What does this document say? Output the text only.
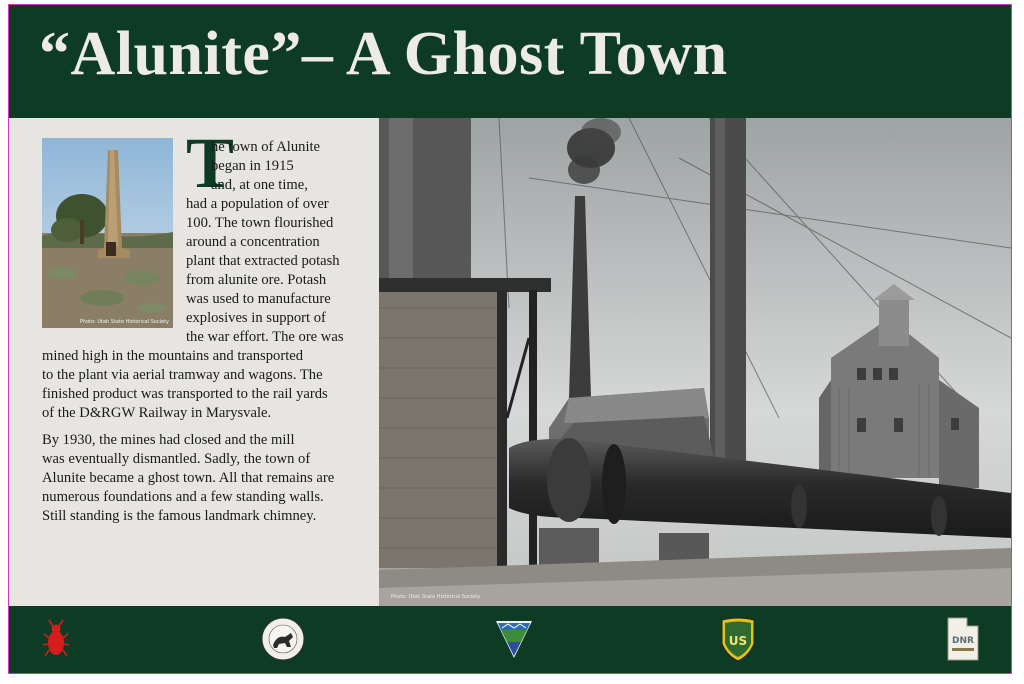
“Alunite”– A Ghost Town
Photo: Utah State Historical Society
T

he town of Alunite
began in 1915
and, at one time,

had a population of over
100. The town flourished
around a concentration
plant that extracted potash
from alunite ore. Potash
was used to manufacture
explosives in support of
the war effort. The ore was

mined high in the mountains and transported
to the plant via aerial tramway and wagons. The
finished product was transported to the rail yards
of the D&RGW Railway in Marysvale.

By 1930, the mines had closed and the mill
was eventually dismantled. Sadly, the town of
Alunite became a ghost town. All that remains are
numerous foundations and a few standing walls.
Still standing is the famous landmark chimney.

Photo: Utah State Historical Society
US	DNR
